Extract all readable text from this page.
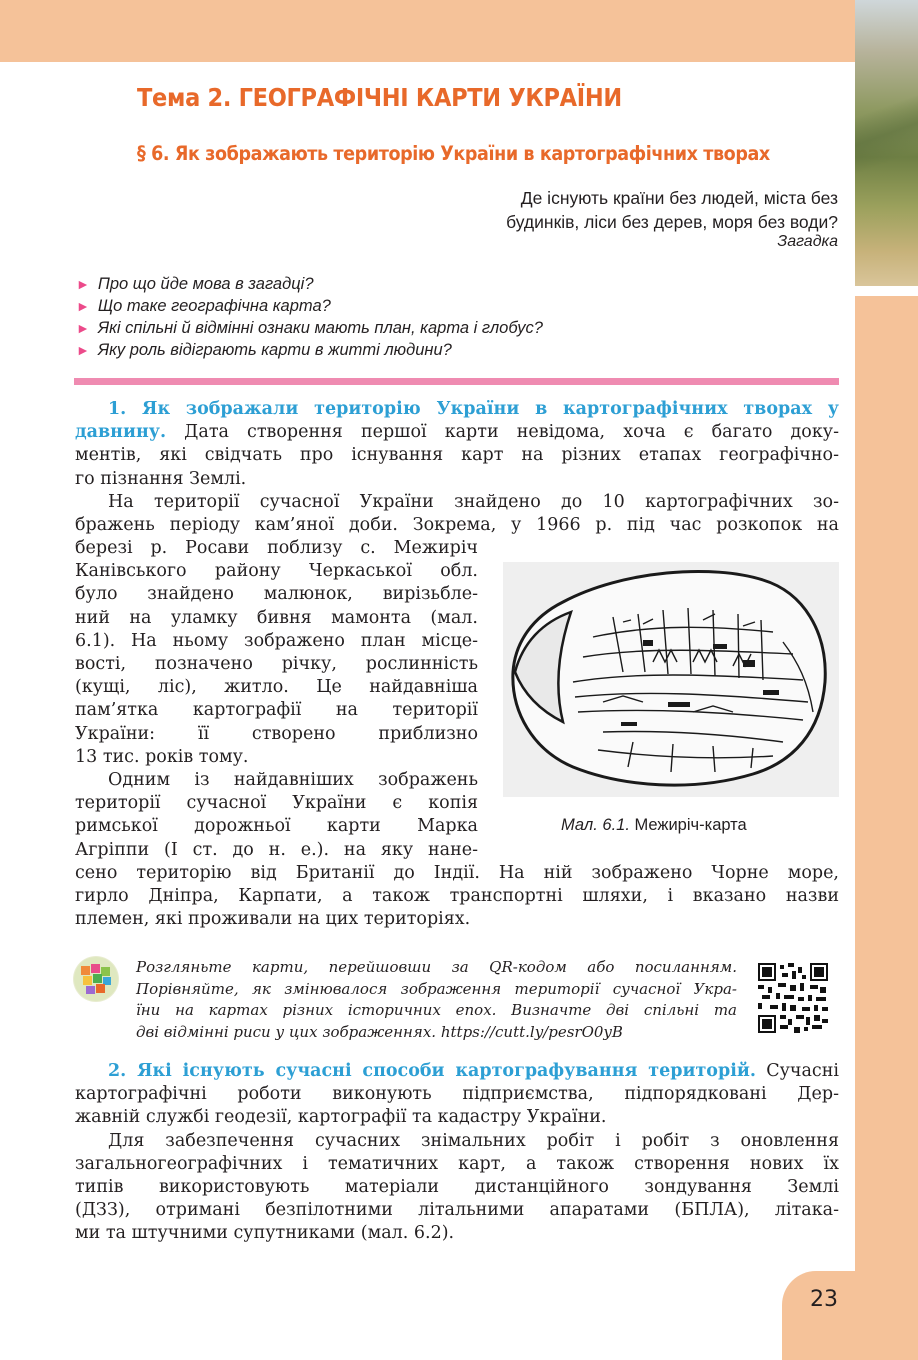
23
Тема 2. ГЕОГРАФІЧНІ КАРТИ УКРАЇНИ
§ 6. Як зображають територію України в картографічних творах
Де існують країни без людей, міста без
будинків, ліси без дерев, моря без води?
Загадка
► Про що йде мова в загадці?
► Що таке географічна карта?
► Які спільні й відмінні ознаки мають план, карта і глобус?
► Яку роль відіграють карти в житті людини?

1. Як зображали територію України в картографічних творах у

давнину. Дата створення першої карти невідома, хоча є багато доку-

ментів, які свідчать про існування карт на різних етапах географічно-

го пізнання Землі.

На території сучасної України знайдено до 10 картографічних зо-

бражень періоду кам’яної доби. Зокрема, у 1966 р. під час розкопок на

березі р. Росави поблизу с. Межиріч

Канівського району Черкаської обл.

було знайдено малюнок, вирізьбле-

ний на уламку бивня мамонта (мал.

6.1). На ньому зображено план місце-

вості, позначено річку, рослинність

(кущі, ліс), житло. Це найдавніша

пам’ятка картографії на території

України: її створено приблизно

13 тис. років тому.

Одним із найдавніших зображень

території сучасної України є копія

римської дорожньої карти Марка

Агріппи (І ст. до н. е.). на яку нане-

сено територію від Британії до Індії. На ній зображено Чорне море,

гирло Дніпра, Карпати, а також транспортні шляхи, і вказано назви

племен, які проживали на цих територіях.

Мал. 6.1. Межиріч-карта

Розгляньте карти, перейшовши за QR-кодом або посиланням.

Порівняйте, як змінювалося зображення території сучасної Укра-

їни на картах різних історичних епох. Визначте дві спільні та

дві відмінні риси у цих зображеннях. https://cutt.ly/pesrO0yB

2. Які існують сучасні способи картографування територій. Сучасні

картографічні роботи виконують підприємства, підпорядковані Дер-

жавній службі геодезії, картографії та кадастру України.

Для забезпечення сучасних знімальних робіт і робіт з оновлення

загальногеографічних і тематичних карт, а також створення нових їх

типів використовують матеріали дистанційного зондування Землі

(ДЗЗ), отримані безпілотними літальними апаратами (БПЛА), літака-

ми та штучними супутниками (мал. 6.2).
